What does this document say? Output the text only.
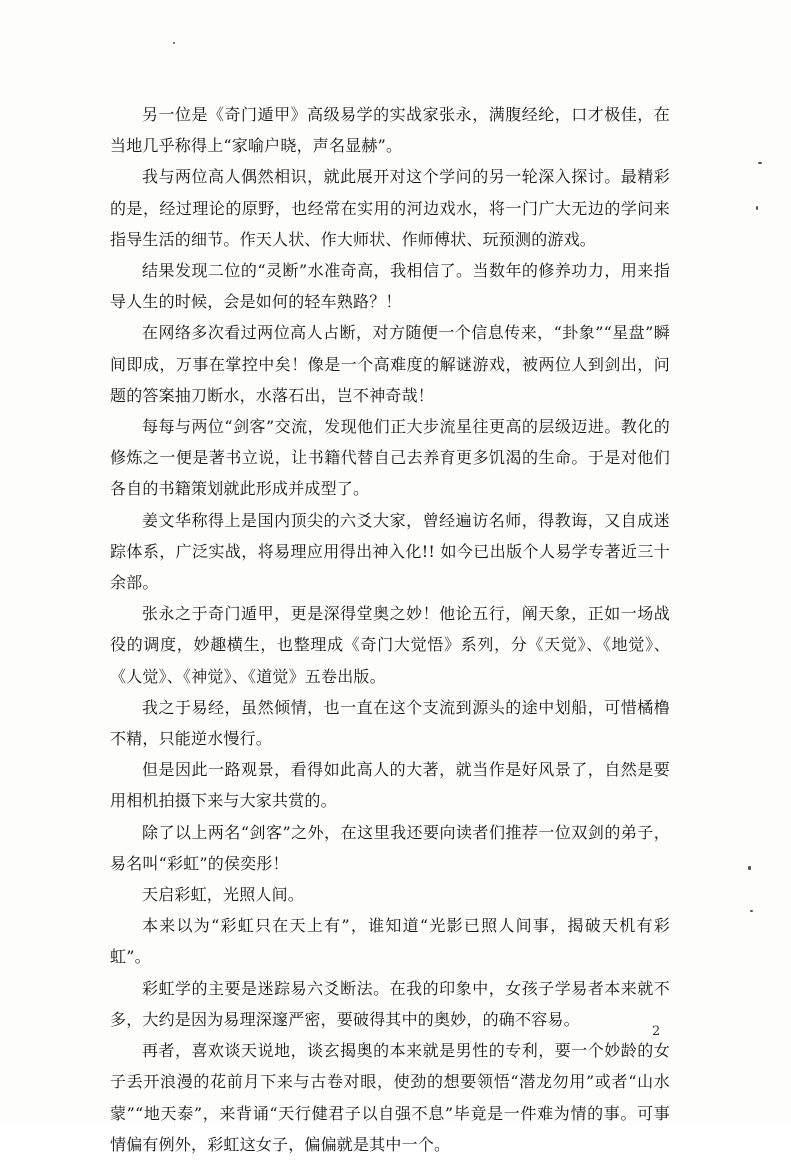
另一位是《奇门遁甲》高级易学的实战家张永，满腹经纶，口才极佳，在当地几乎称得上“家喻户晓，声名显赫”。

我与两位高人偶然相识，就此展开对这个学问的另一轮深入探讨。最精彩的是，经过理论的原野，也经常在实用的河边戏水，将一门广大无边的学问来指导生活的细节。作天人状、作大师状、作师傅状、玩预测的游戏。

结果发现二位的“灵断”水准奇高，我相信了。当数年的修养功力，用来指导人生的时候，会是如何的轻车熟路？！

在网络多次看过两位高人占断，对方随便一个信息传来，“卦象”“星盘”瞬间即成，万事在掌控中矣！像是一个高难度的解谜游戏，被两位人到剑出，问题的答案抽刀断水，水落石出，岂不神奇哉！

每每与两位“剑客”交流，发现他们正大步流星往更高的层级迈进。教化的修炼之一便是著书立说，让书籍代替自己去养育更多饥渴的生命。于是对他们各自的书籍策划就此形成并成型了。

姜文华称得上是国内顶尖的六爻大家，曾经遍访名师，得教诲，又自成迷踪体系，广泛实战，将易理应用得出神入化!! 如今已出版个人易学专著近三十余部。

张永之于奇门遁甲，更是深得堂奥之妙！他论五行，阐天象，正如一场战役的调度，妙趣横生，也整理成《奇门大觉悟》系列，分《天觉》、《地觉》、《人觉》、《神觉》、《道觉》五卷出版。

我之于易经，虽然倾情，也一直在这个支流到源头的途中划船，可惜橘橹不精，只能逆水慢行。

但是因此一路观景，看得如此高人的大著，就当作是好风景了，自然是要用相机拍摄下来与大家共赏的。

除了以上两名“剑客”之外，在这里我还要向读者们推荐一位双剑的弟子，易名叫“彩虹”的侯奕彤！

天启彩虹，光照人间。

本来以为“彩虹只在天上有”，谁知道“光影已照人间事，揭破天机有彩虹”。

彩虹学的主要是迷踪易六爻断法。在我的印象中，女孩子学易者本来就不多，大约是因为易理深邃严密，要破得其中的奥妙，的确不容易。

再者，喜欢谈天说地，谈玄揭奥的本来就是男性的专利，要一个妙龄的女子丢开浪漫的花前月下来与古卷对眼，使劲的想要领悟“潜龙勿用”或者“山水蒙”“地天泰”，来背诵“天行健君子以自强不息”毕竟是一件难为情的事。可事情偏有例外，彩虹这女子，偏偏就是其中一个。

2
